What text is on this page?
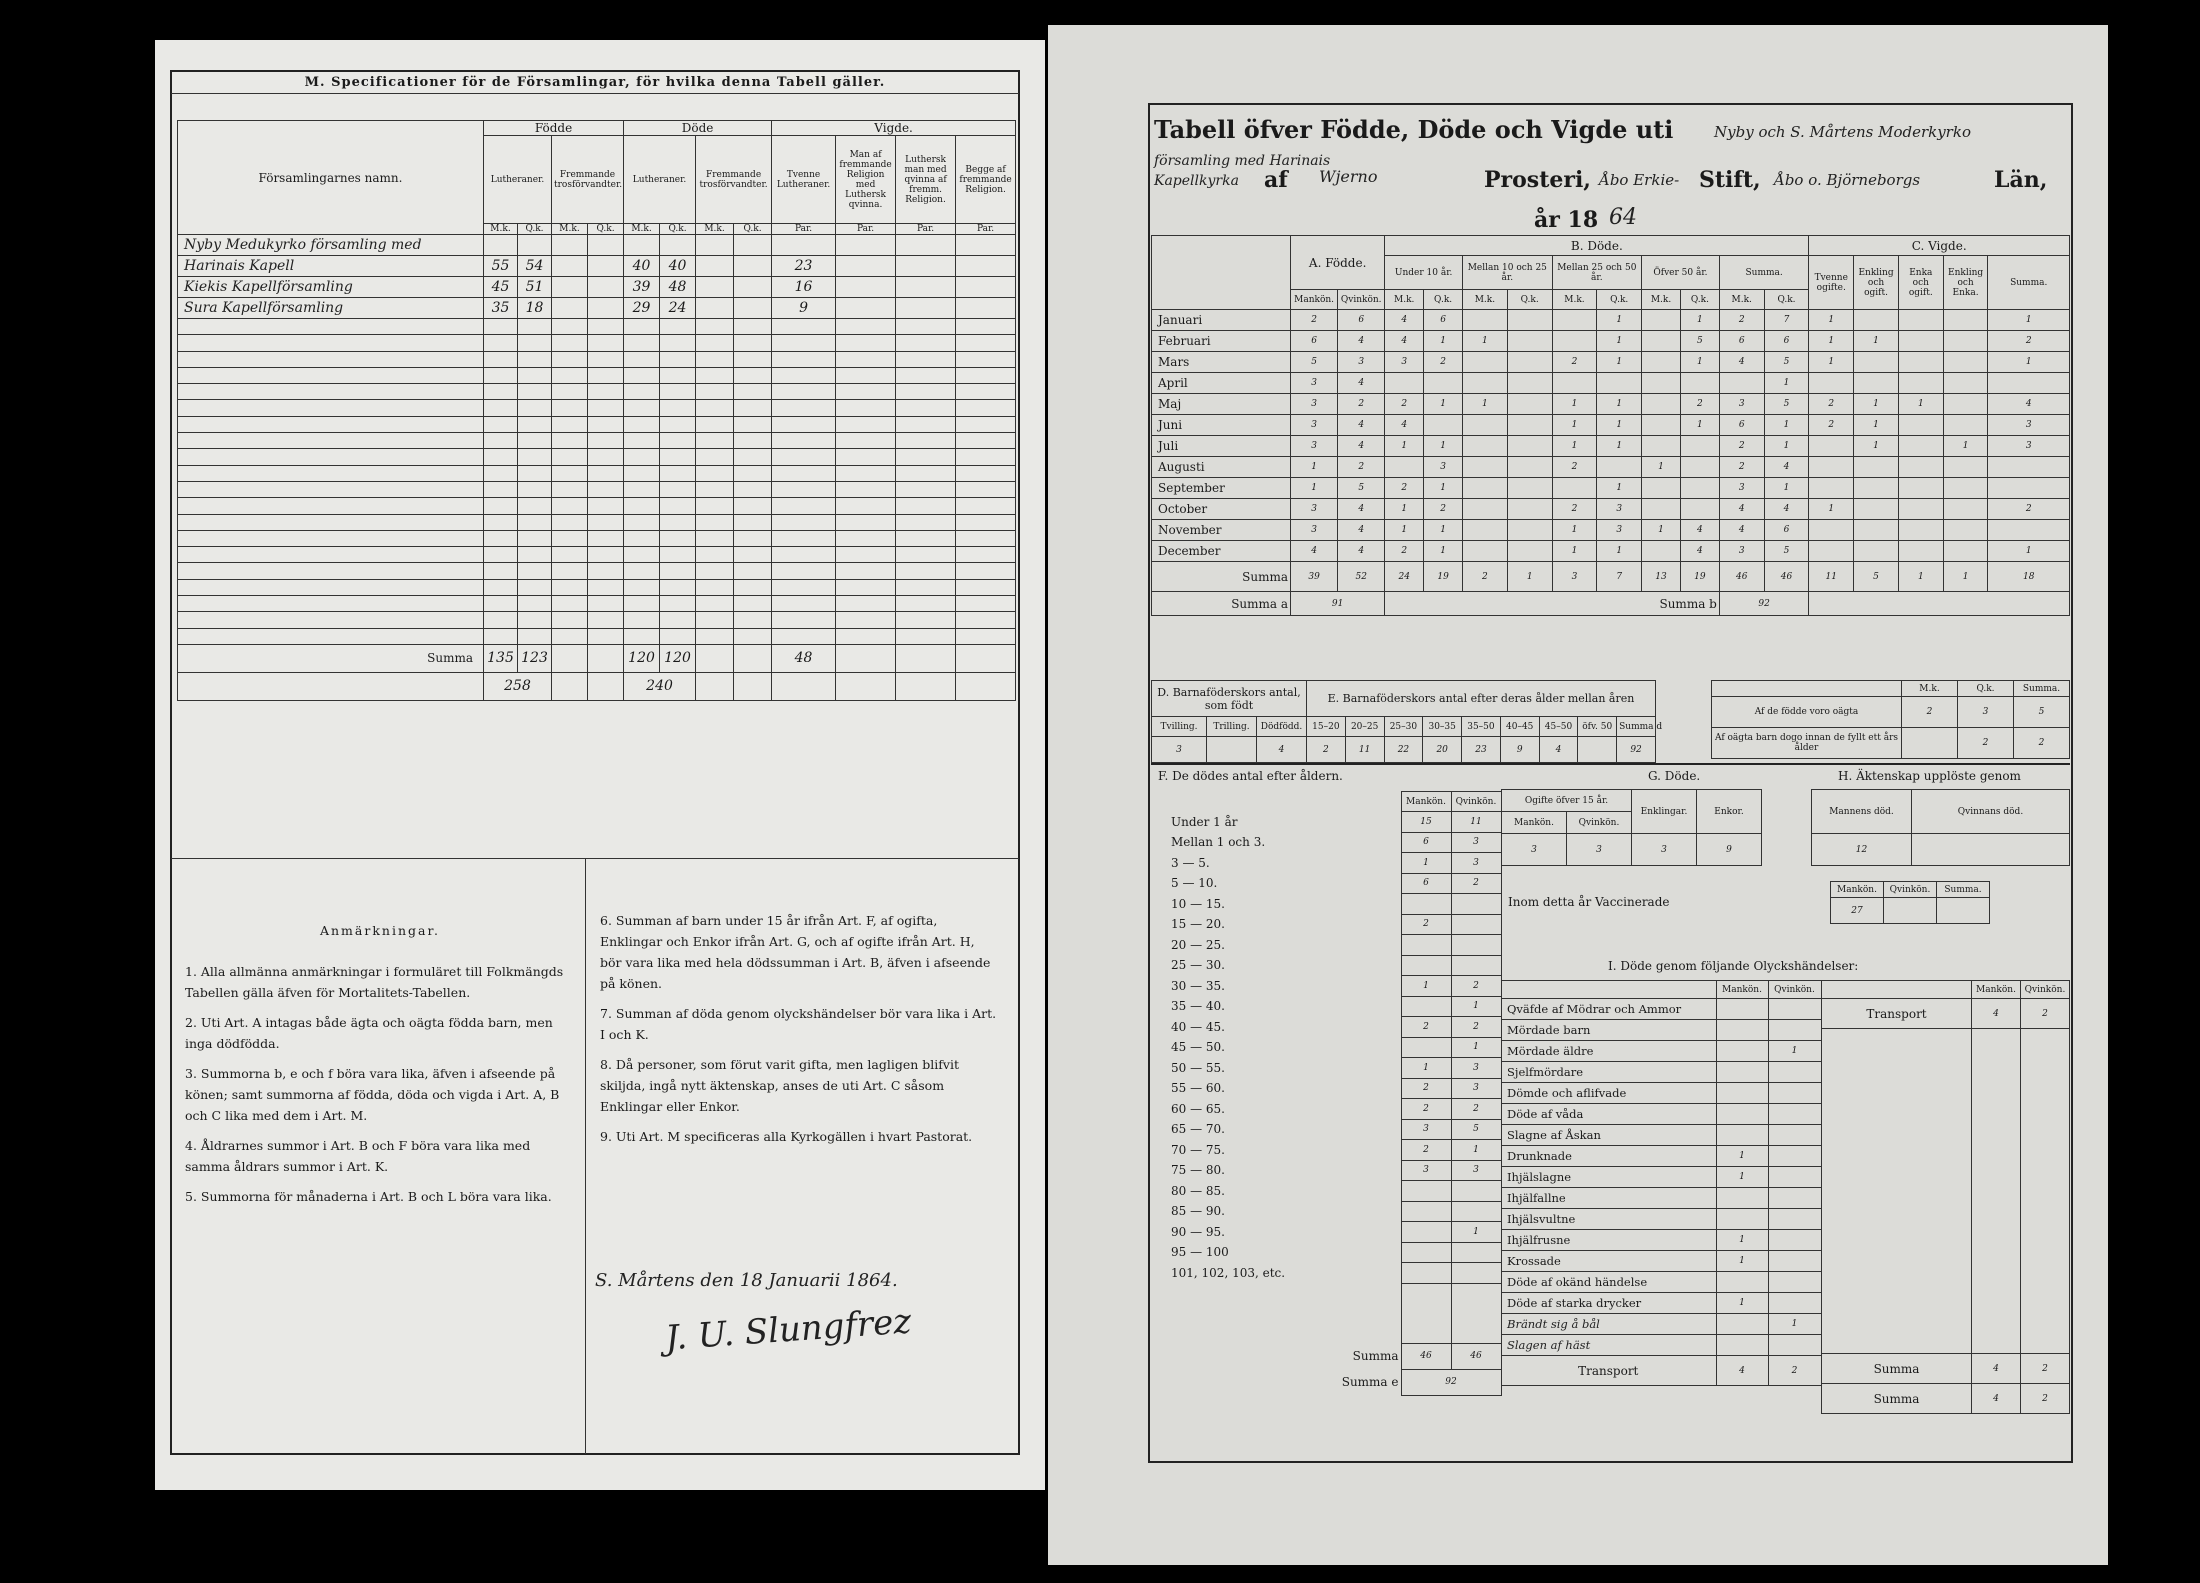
M. Specificationer för de Församlingar, för hvilka denna Tabell gäller.
Församlingarnes namn.	Födde				Döde				Vigde.			
	Lutheraner.		Fremmande trosförvandter.		Lutheraner.		Fremmande trosförvandter.		Tvenne Lutheraner.	Man af fremmande Religion med Luthersk qvinna.	Luthersk man med qvinna af fremm. Religion.	Begge af fremmande Religion.
	M.k.	Q.k.	M.k.	Q.k.	M.k.	Q.k.	M.k.	Q.k.	Par.	Par.	Par.	Par.
Nyby Medukyrko församling med												
Harinais Kapell	55	54			40	40			23			
Kiekis Kapellförsamling	45	51			39	48			16			
Sura Kapellförsamling	35	18			29	24			9			

Summa	135	123			120	120			48			
	258				240							
Anmärkningar.

1. Alla allmänna anmärkningar i formuläret till Folkmängds Tabellen gälla äfven för Mortalitets-Tabellen.

2. Uti Art. A intagas både ägta och oägta födda barn, men inga dödfödda.

3. Summorna b, e och f böra vara lika, äfven i afseende på könen; samt summorna af födda, döda och vigda i Art. A, B och C lika med dem i Art. M.

4. Åldrarnes summor i Art. B och F böra vara lika med samma åldrars summor i Art. K.

5. Summorna för månaderna i Art. B och L böra vara lika.

6. Summan af barn under 15 år ifrån Art. F, af ogifta, Enklingar och Enkor ifrån Art. G, och af ogifte ifrån Art. H, bör vara lika med hela dödssumman i Art. B, äfven i afseende på könen.

7. Summan af döda genom olyckshändelser bör vara lika i Art. I och K.

8. Då personer, som förut varit gifta, men lagligen blifvit skiljda, ingå nytt äktenskap, anses de uti Art. C såsom Enklingar eller Enkor.

9. Uti Art. M specificeras alla Kyrkogällen i hvart Pastorat.

S. Mårtens den 18 Januarii 1864.
J. U. Slungfrez
Tabell öfver Födde, Döde och Vigde uti	Nyby och S. Mårtens Moderkyrko
församling med Harinais
Kapellkyrka af Wjerno	Prosteri, Åbo Erkie- Stift, Åbo o. Björneborgs	Län,
år 18 64
	A. Födde.		B. Döde.										C. Vigde.				
			Under 10 år.		Mellan 10 och 25 år.		Mellan 25 och 50 år.		Öfver 50 år.		Summa.		Tvenne ogifte.	Enkling och ogift.	Enka och ogift.	Enkling och Enka.	Summa.
	Mankön.	Qvinkön.	M.k.	Q.k.	M.k.	Q.k.	M.k.	Q.k.	M.k.	Q.k.	M.k.	Q.k.					
Januari	2	6	4	6				1		1	2	7	1				1
Februari	6	4	4	1	1			1		5	6	6	1	1			2
Mars	5	3	3	2			2	1		1	4	5	1				1
April	3	4										1					
Maj	3	2	2	1	1		1	1		2	3	5	2	1	1		4
Juni	3	4	4				1	1		1	6	1	2	1			3
Juli	3	4	1	1			1	1			2	1		1		1	3
Augusti	1	2		3			2		1		2	4					
September	1	5	2	1				1			3	1					
October	3	4	1	2			2	3			4	4	1				2
November	3	4	1	1			1	3	1	4	4	6					
December	4	4	2	1			1	1		4	3	5					1
Summa	39	52	24	19	2	1	3	7	13	19	46	46	11	5	1	1	18
Summa a	91		Summa b								92						
D. Barnaföderskors antal, som födt			E. Barnaföderskors antal efter deras ålder mellan åren								
Tvilling.	Trilling.	Dödfödd.	15–20	20–25	25–30	30–35	35–50	40–45	45–50	öfv. 50	Summa d
3		4	2	11	22	20	23	9	4		92
	M.k.	Q.k.	Summa.
Af de födde voro oägta	2	3	5
Af oägta barn dogo innan de fyllt ett års ålder		2	2
F. De dödes antal efter åldern.
	Mankön.	Qvinkön.
Under 1 år	15	11
Mellan 1 och 3.	6	3
3 — 5.	1	3
5 — 10.	6	2
10 — 15.		
15 — 20.	2	
20 — 25.		
25 — 30.		
30 — 35.	1	2
35 — 40.		1
40 — 45.	2	2
45 — 50.		1
50 — 55.	1	3
55 — 60.	2	3
60 — 65.	2	2
65 — 70.	3	5
70 — 75.	2	1
75 — 80.	3	3
80 — 85.		
85 — 90.		
90 — 95.		1
95 — 100		
101, 102, 103, etc.		

Summa	46	46
Summa e	92	
G. Döde.	H. Äktenskap upplöste genom
Ogifte öfver 15 år.		Enklingar.	Enkor.		Mannens död.	Qvinnans död.
Mankön.	Qvinkön.					
3	3	3	9		12	
Inom detta år Vaccinerade
Mankön.	Qvinkön.	Summa.
27		
I. Döde genom följande Olyckshändelser:
	Mankön.	Qvinkön.
Qväfde af Mödrar och Ammor		
Mördade barn		
Mördade äldre		1
Sjelfmördare		
Dömde och aflifvade		
Döde af våda		
Slagne af Åskan		
Drunknade	1	
Ihjälslagne	1	
Ihjälfallne		
Ihjälsvultne		
Ihjälfrusne	1	
Krossade	1	
Döde af okänd händelse		
Döde af starka drycker	1	
Brändt sig å bål		1
Slagen af häst		
Transport	4	2
	Mankön.	Qvinkön.
Transport	4	2

Summa	4	2
Summa	4	2
